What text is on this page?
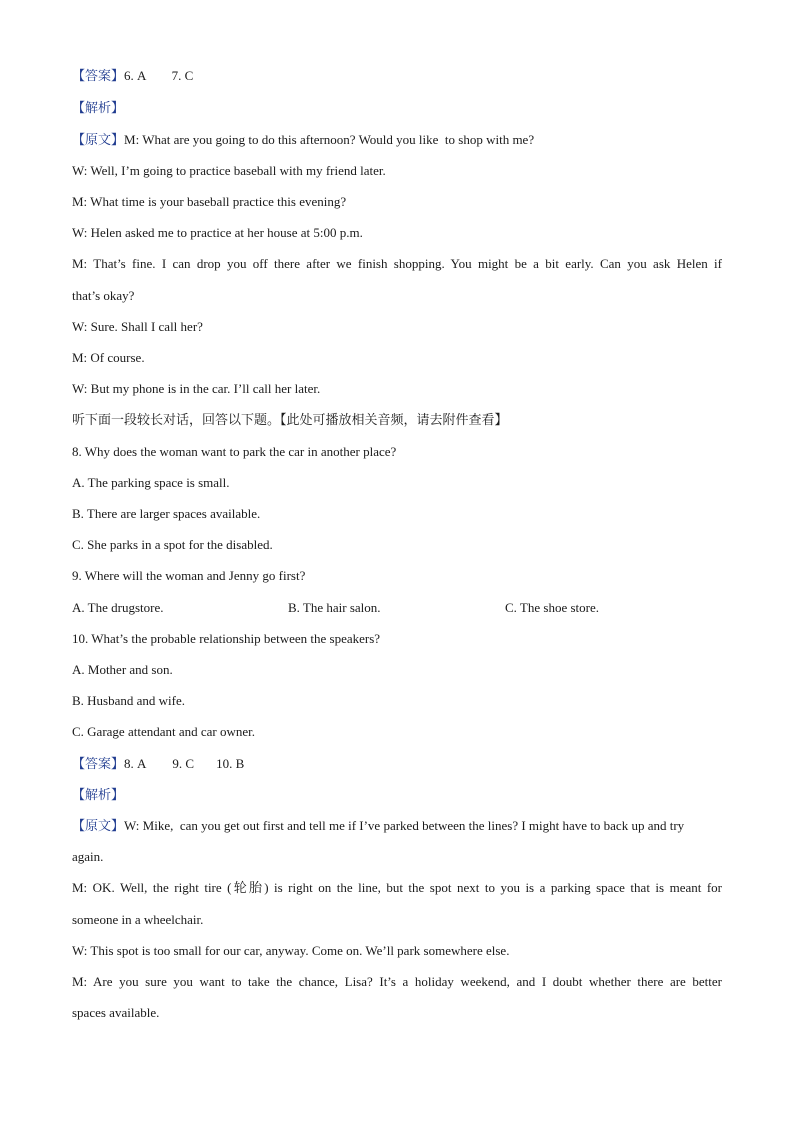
【答案】6. A        7. C
【解析】
【原文】M: What are you going to do this afternoon? Would you like  to shop with me?
W: Well, I’m going to practice baseball with my friend later.
M: What time is your baseball practice this evening?
W: Helen asked me to practice at her house at 5:00 p.m.
M: That’s fine. I can drop you off there after we finish shopping. You might be a bit early. Can you ask Helen if
that’s okay?
W: Sure. Shall I call her?
M: Of course.
W: But my phone is in the car. I’ll call her later.
听下面一段较长对话，回答以下题。【此处可播放相关音频，请去附件查看】
8. Why does the woman want to park the car in another place?
A. The parking space is small.
B. There are larger spaces available.
C. She parks in a spot for the disabled.
9. Where will the woman and Jenny go first?
A. The drugstore.	B. The hair salon.	C. The shoe store.
10. What’s the probable relationship between the speakers?
A. Mother and son.
B. Husband and wife.
C. Garage attendant and car owner.
【答案】8. A 9. C 10. B
【解析】
【原文】W: Mike,  can you get out first and tell me if I’ve parked between the lines? I might have to back up and try
again.
M: OK. Well, the right tire (轮胎) is right on the line, but the spot next to you is a parking space that is meant for
someone in a wheelchair.
W: This spot is too small for our car, anyway. Come on. We’ll park somewhere else.
M: Are you sure you want to take the chance, Lisa? It’s a holiday weekend, and I doubt whether there are better
spaces available.
